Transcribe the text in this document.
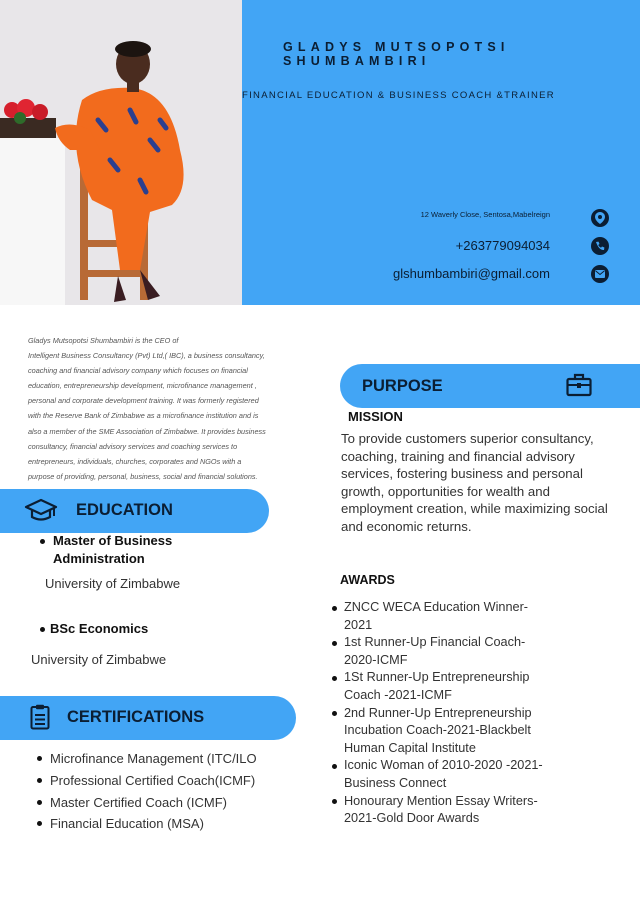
GLADYS MUTSOPOTSI
SHUMBAMBIRI
FINANCIAL EDUCATION & BUSINESS COACH &TRAINER
12 Waverly Close, Sentosa,Mabelreign
+263779094034
glshumbambiri@gmail.com
Gladys Mutsopotsi Shumbambiri is the CEO of
Intelligent Business Consultancy (Pvt) Ltd,( IBC), a business consultancy,
coaching and financial advisory company which focuses on financial
education, entrepreneurship development, microfinance management ,
personal and corporate development training. It was formerly registered
with the Reserve Bank of Zimbabwe as a microfinance institution and is
also a member of the SME Association of Zimbabwe. It provides business
consultancy, financial advisory services and coaching services to
entrepreneurs, individuals, churches, corporates and NGOs with a
purpose of providing, personal, business, social and financial solutions.
EDUCATION
Master of Business
Administration
University of Zimbabwe
BSc Economics
University of Zimbabwe
CERTIFICATIONS
Microfinance Management (ITC/ILO
Professional Certified Coach(ICMF)
Master Certified Coach (ICMF)
Financial Education (MSA)
PURPOSE
MISSION
To provide customers superior consultancy, coaching, training and financial advisory services, fostering business and personal growth, opportunities for wealth and employment creation, while maximizing social and economic returns.
AWARDS
ZNCC WECA Education Winner-2021
1st Runner-Up Financial Coach-2020-ICMF
1St Runner-Up Entrepreneurship Coach -2021-ICMF
2nd Runner-Up Entrepreneurship Incubation Coach-2021-Blackbelt Human Capital Institute
Iconic Woman of 2010-2020 -2021-Business Connect
Honourary Mention Essay Writers- 2021-Gold Door Awards
